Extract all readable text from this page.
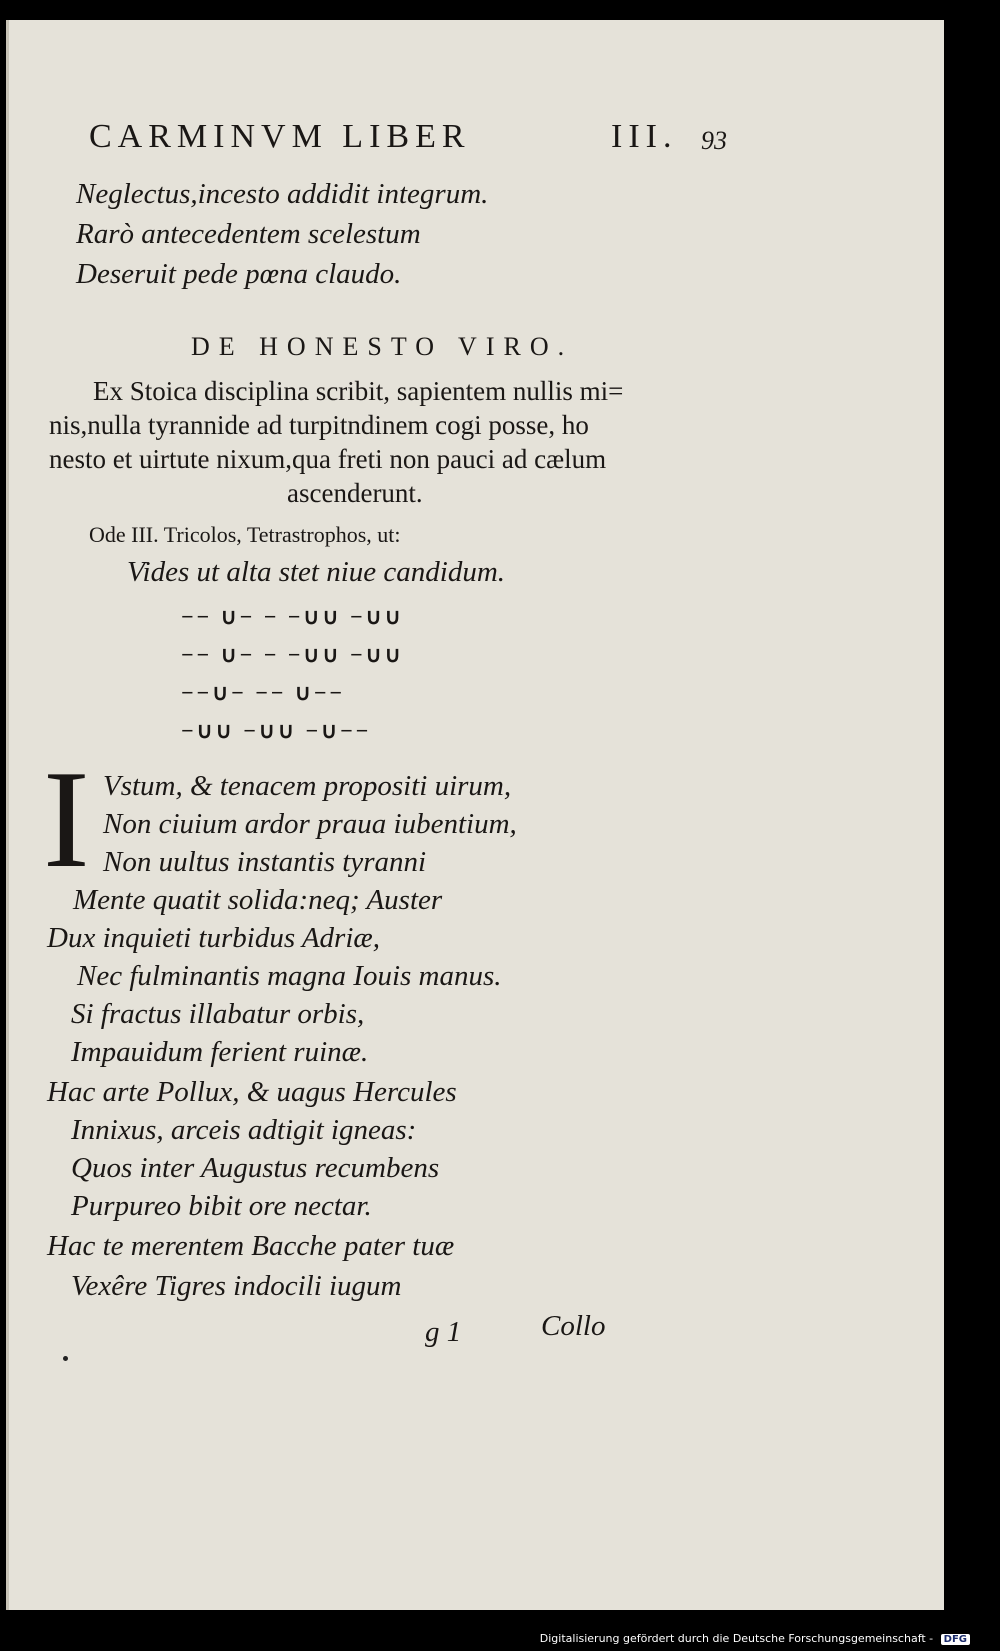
CARMINVM LIBER	III. 93
Neglectus,incesto addidit integrum.
Rarò antecedentem scelestum
Deseruit pede pœna claudo.
DE HONESTO VIRO.
Ex Stoica disciplina scribit, sapientem nullis mi=
nis,nulla tyrannide ad turpitndinem cogi posse, ho
nesto et uirtute nixum,qua freti non pauci ad cælum
ascenderunt.
Ode III. Tricolos, Tetrastrophos, ut:
Vides ut alta stet niue candidum.
−− ∪− − −∪∪ −∪∪
−− ∪− − −∪∪ −∪∪
−−∪− −− ∪−−
−∪∪ −∪∪ −∪−−
I Vstum, & tenacem propositi uirum,
Non ciuium ardor praua iubentium,
Non uultus instantis tyranni
Mente quatit solida:neq; Auster
Dux inquieti turbidus Adriæ,
Nec fulminantis magna Iouis manus.
Si fractus illabatur orbis,
Impauidum ferient ruinæ.
Hac arte Pollux, & uagus Hercules
Innixus, arceis adtigit igneas:
Quos inter Augustus recumbens
Purpureo bibit ore nectar.
Hac te merentem Bacche pater tuæ
Vexêre Tigres indocili iugum
g 1	Collo
Digitalisierung gefördert durch die Deutsche Forschungsgemeinschaft - DFG
